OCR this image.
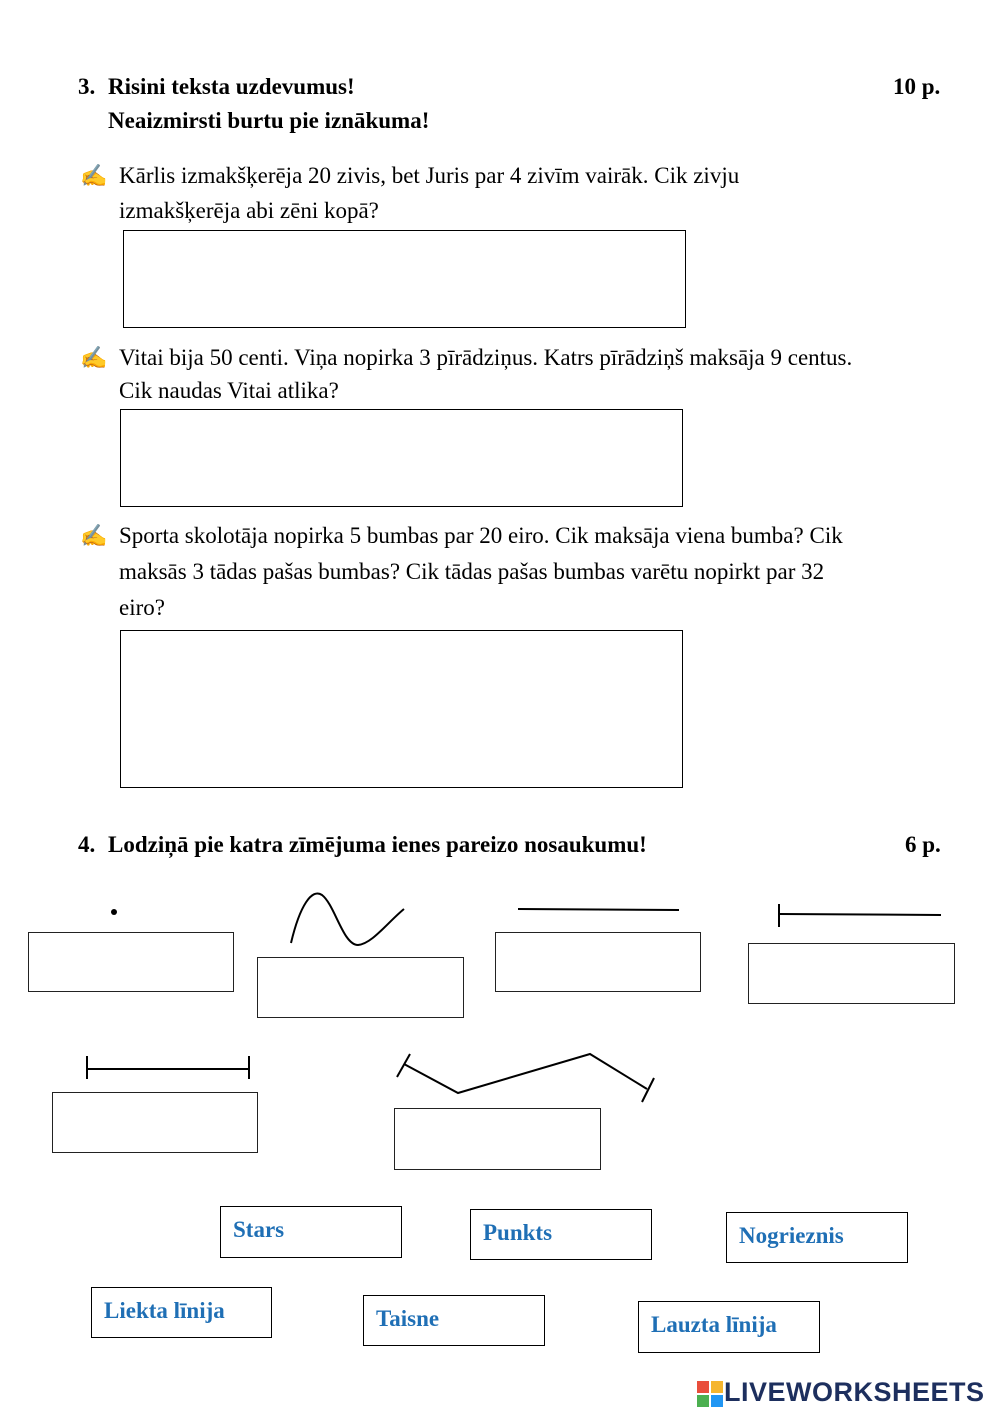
3. Risini teksta uzdevumus!	10 p.
Neaizmirsti burtu pie iznākuma!
✍ Kārlis izmakšķerēja 20 zivis, bet Juris par 4 zivīm vairāk. Cik zivju
izmakšķerēja abi zēni kopā?
✍ Vitai bija 50 centi. Viņa nopirka 3 pīrādziņus. Katrs pīrādziņš maksāja 9 centus.
Cik naudas Vitai atlika?
✍ Sporta skolotāja nopirka 5 bumbas par 20 eiro. Cik maksāja viena bumba? Cik
maksās 3 tādas pašas bumbas? Cik tādas pašas bumbas varētu nopirkt par 32
eiro?
4. Lodziņā pie katra zīmējuma ienes pareizo nosaukumu!	6 p.
Stars	Punkts	Nogrieznis
Liekta līnija	Taisne	Lauzta līnija
LIVEWORKSHEETS
